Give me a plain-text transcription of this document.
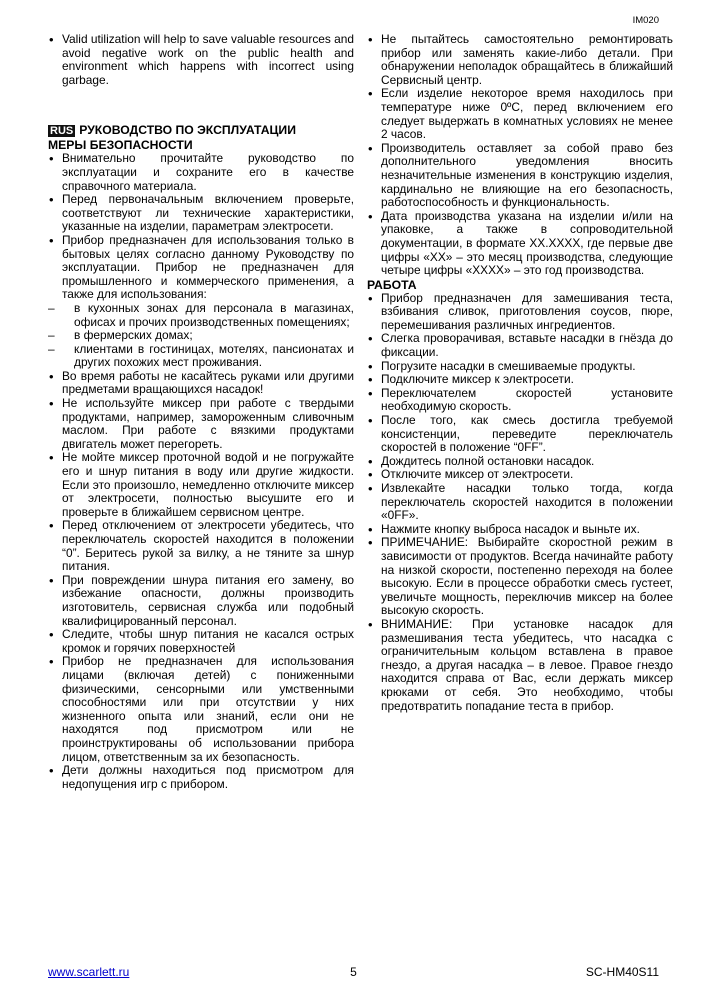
IM020
• Valid utilization will help to save valuable resources and avoid negative work on the public health and environment which happens with incorrect using garbage.
RUS РУКОВОДСТВО ПО ЭКСПЛУАТАЦИИ
МЕРЫ БЕЗОПАСНОСТИ
• Внимательно прочитайте руководство по эксплуатации и сохраните его в качестве справочного материала.
• Перед первоначальным включением проверьте, соответствуют ли технические характеристики, указанные на изделии, параметрам электросети.
• Прибор предназначен для использования только в бытовых целях согласно данному Руководству по эксплуатации. Прибор не предназначен для промышленного и коммерческого применения, а также для использования:
– в кухонных зонах для персонала в магазинах, офисах и прочих производственных помещениях;
– в фермерских домах;
– клиентами в гостиницах, мотелях, пансионатах и других похожих мест проживания.
• Во время работы не касайтесь руками или другими предметами вращающихся насадок!
• Не используйте миксер при работе с твердыми продуктами, например, замороженным сливочным маслом. При работе с вязкими продуктами двигатель может перегореть.
• Не мойте миксер проточной водой и не погружайте его и шнур питания в воду или другие жидкости. Если это произошло, немедленно отключите миксер от электросети, полностью высушите его и проверьте в ближайшем сервисном центре.
• Перед отключением от электросети убедитесь, что переключатель скоростей находится в положении “0”. Беритесь рукой за вилку, а не тяните за шнур питания.
• При повреждении шнура питания его замену, во избежание опасности, должны производить изготовитель, сервисная служба или подобный квалифицированный персонал.
• Следите, чтобы шнур питания не касался острых кромок и горячих поверхностей
• Прибор не предназначен для использования лицами (включая детей) с пониженными физическими, сенсорными или умственными способностями или при отсутствии у них жизненного опыта или знаний, если они не находятся под присмотром или не проинструктированы об использовании прибора лицом, ответственным за их безопасность.
• Дети должны находиться под присмотром для недопущения игр с прибором.
• Не пытайтесь самостоятельно ремонтировать прибор или заменять какие-либо детали. При обнаружении неполадок обращайтесь в ближайший Сервисный центр.
• Если изделие некоторое время находилось при температуре ниже 0ºC, перед включением его следует выдержать в комнатных условиях не менее 2 часов.
• Производитель оставляет за собой право без дополнительного уведомления вносить незначительные изменения в конструкцию изделия, кардинально не влияющие на его безопасность, работоспособность и функциональность.
• Дата производства указана на изделии и/или на упаковке, а также в сопроводительной документации, в формате XX.XXXX, где первые две цифры «XX» – это месяц производства, следующие четыре цифры «XXXX» – это год производства.
РАБОТА
• Прибор предназначен для замешивания теста, взбивания сливок, приготовления соусов, пюре, перемешивания различных ингредиентов.
• Слегка проворачивая, вставьте насадки в гнёзда до фиксации.
• Погрузите насадки в смешиваемые продукты.
• Подключите миксер к электросети.
• Переключателем скоростей установите необходимую скорость.
• После того, как смесь достигла требуемой консистенции, переведите переключатель скоростей в положение “0FF”.
• Дождитесь полной остановки насадок.
• Отключите миксер от электросети.
• Извлекайте насадки только тогда, когда переключатель скоростей находится в положении «0FF».
• Нажмите кнопку выброса насадок и выньте их.
• ПРИМЕЧАНИЕ: Выбирайте скоростной режим в зависимости от продуктов. Всегда начинайте работу на низкой скорости, постепенно переходя на более высокую. Если в процессе обработки смесь густеет, увеличьте мощность, переключив миксер на более высокую скорость.
• ВНИМАНИЕ: При установке насадок для размешивания теста убедитесь, что насадка с ограничительным кольцом вставлена в правое гнездо, а другая насадка – в левое. Правое гнездо находится справа от Вас, если держать миксер крюками от себя. Это необходимо, чтобы предотвратить попадание теста в прибор.
www.scarlett.ru	5	SC-HM40S11
